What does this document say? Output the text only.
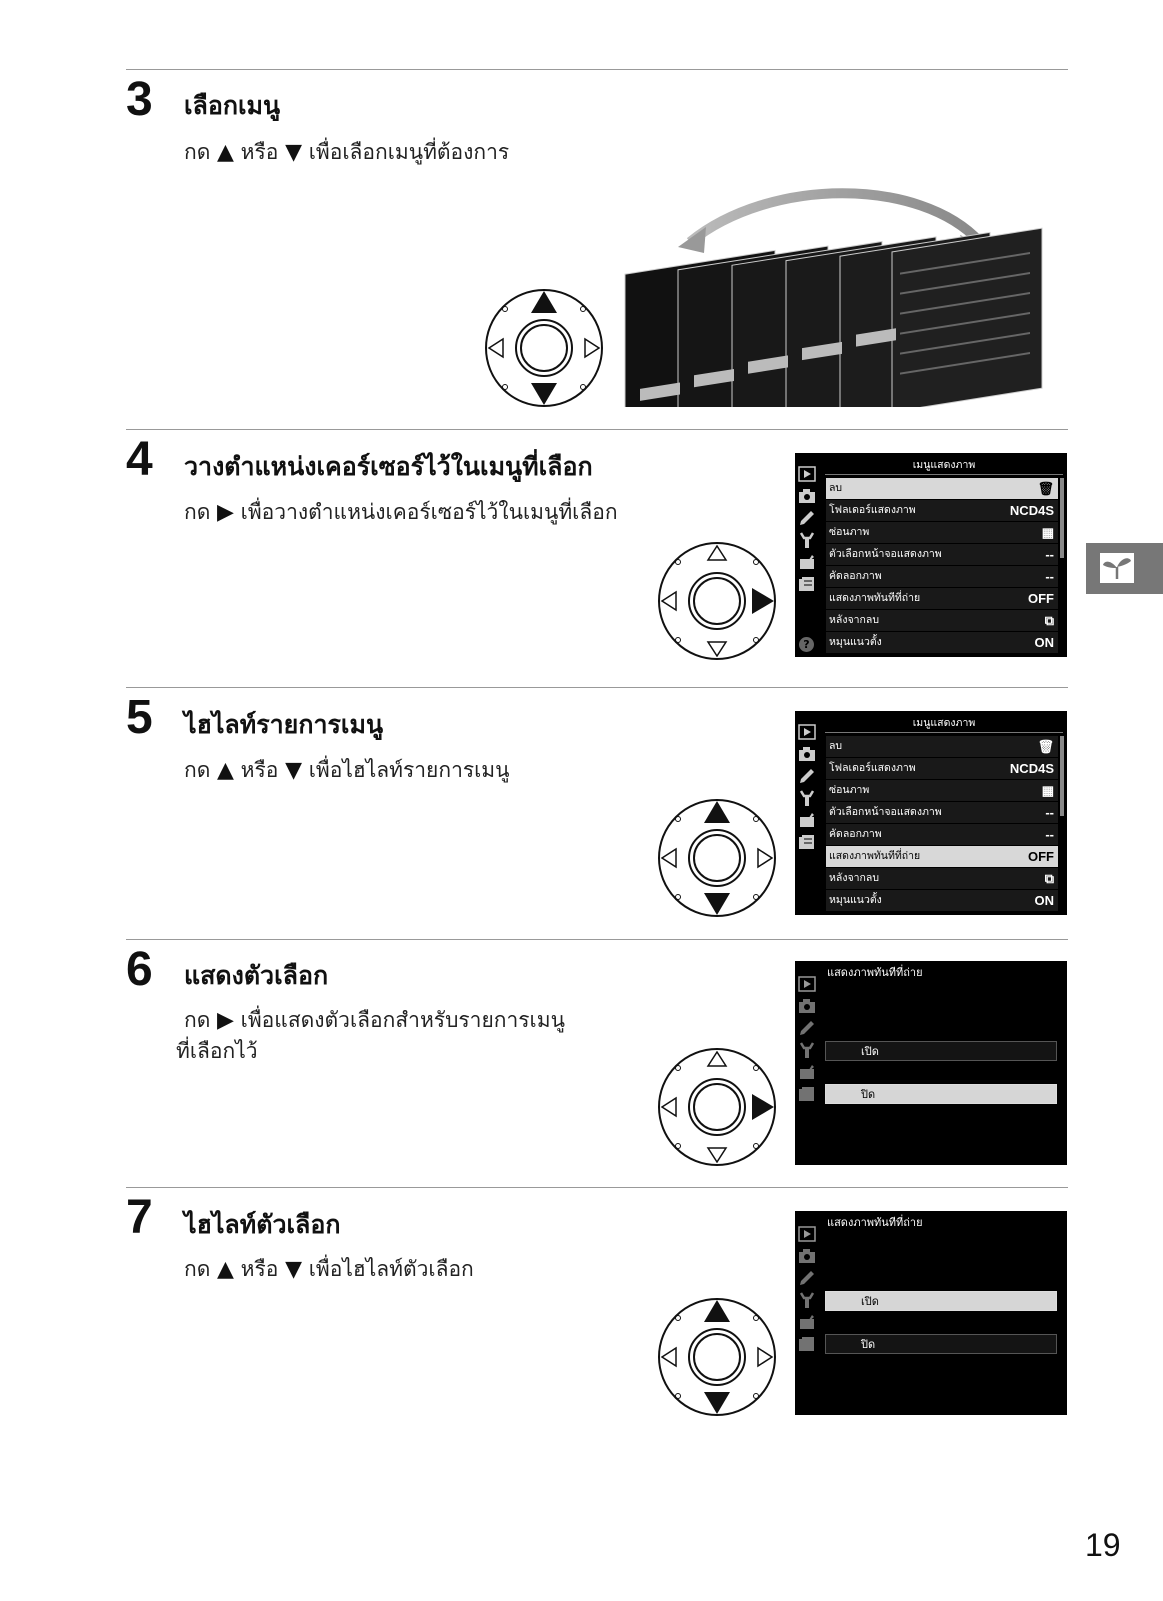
3 เลือกเมนู
กด ▲ หรือ ▼ เพื่อเลือกเมนูที่ต้องการ
4 วางตำแหน่งเคอร์เซอร์ไว้ในเมนูที่เลือก
กด ▶ เพื่อวางตำแหน่งเคอร์เซอร์ไว้ในเมนูที่เลือก
เมนูแสดงภาพ
ลบ	🗑
โฟลเดอร์แสดงภาพ	NCD4S
ซ่อนภาพ	▦
ตัวเลือกหน้าจอแสดงภาพ	--
คัดลอกภาพ	--
แสดงภาพทันทีที่ถ่าย	OFF
หลังจากลบ	⧉
หมุนแนวตั้ง	ON
?
5 ไฮไลท์รายการเมนู
กด ▲ หรือ ▼ เพื่อไฮไลท์รายการเมนู
เมนูแสดงภาพ
ลบ	🗑
โฟลเดอร์แสดงภาพ	NCD4S
ซ่อนภาพ	▦
ตัวเลือกหน้าจอแสดงภาพ	--
คัดลอกภาพ	--
แสดงภาพทันทีที่ถ่าย	OFF
หลังจากลบ	⧉
หมุนแนวตั้ง	ON
6 แสดงตัวเลือก
กด ▶ เพื่อแสดงตัวเลือกสำหรับรายการเมนู
ที่เลือกไว้
แสดงภาพทันทีที่ถ่าย
เปิด
ปิด
7 ไฮไลท์ตัวเลือก
กด ▲ หรือ ▼ เพื่อไฮไลท์ตัวเลือก
แสดงภาพทันทีที่ถ่าย
เปิด
ปิด
19
